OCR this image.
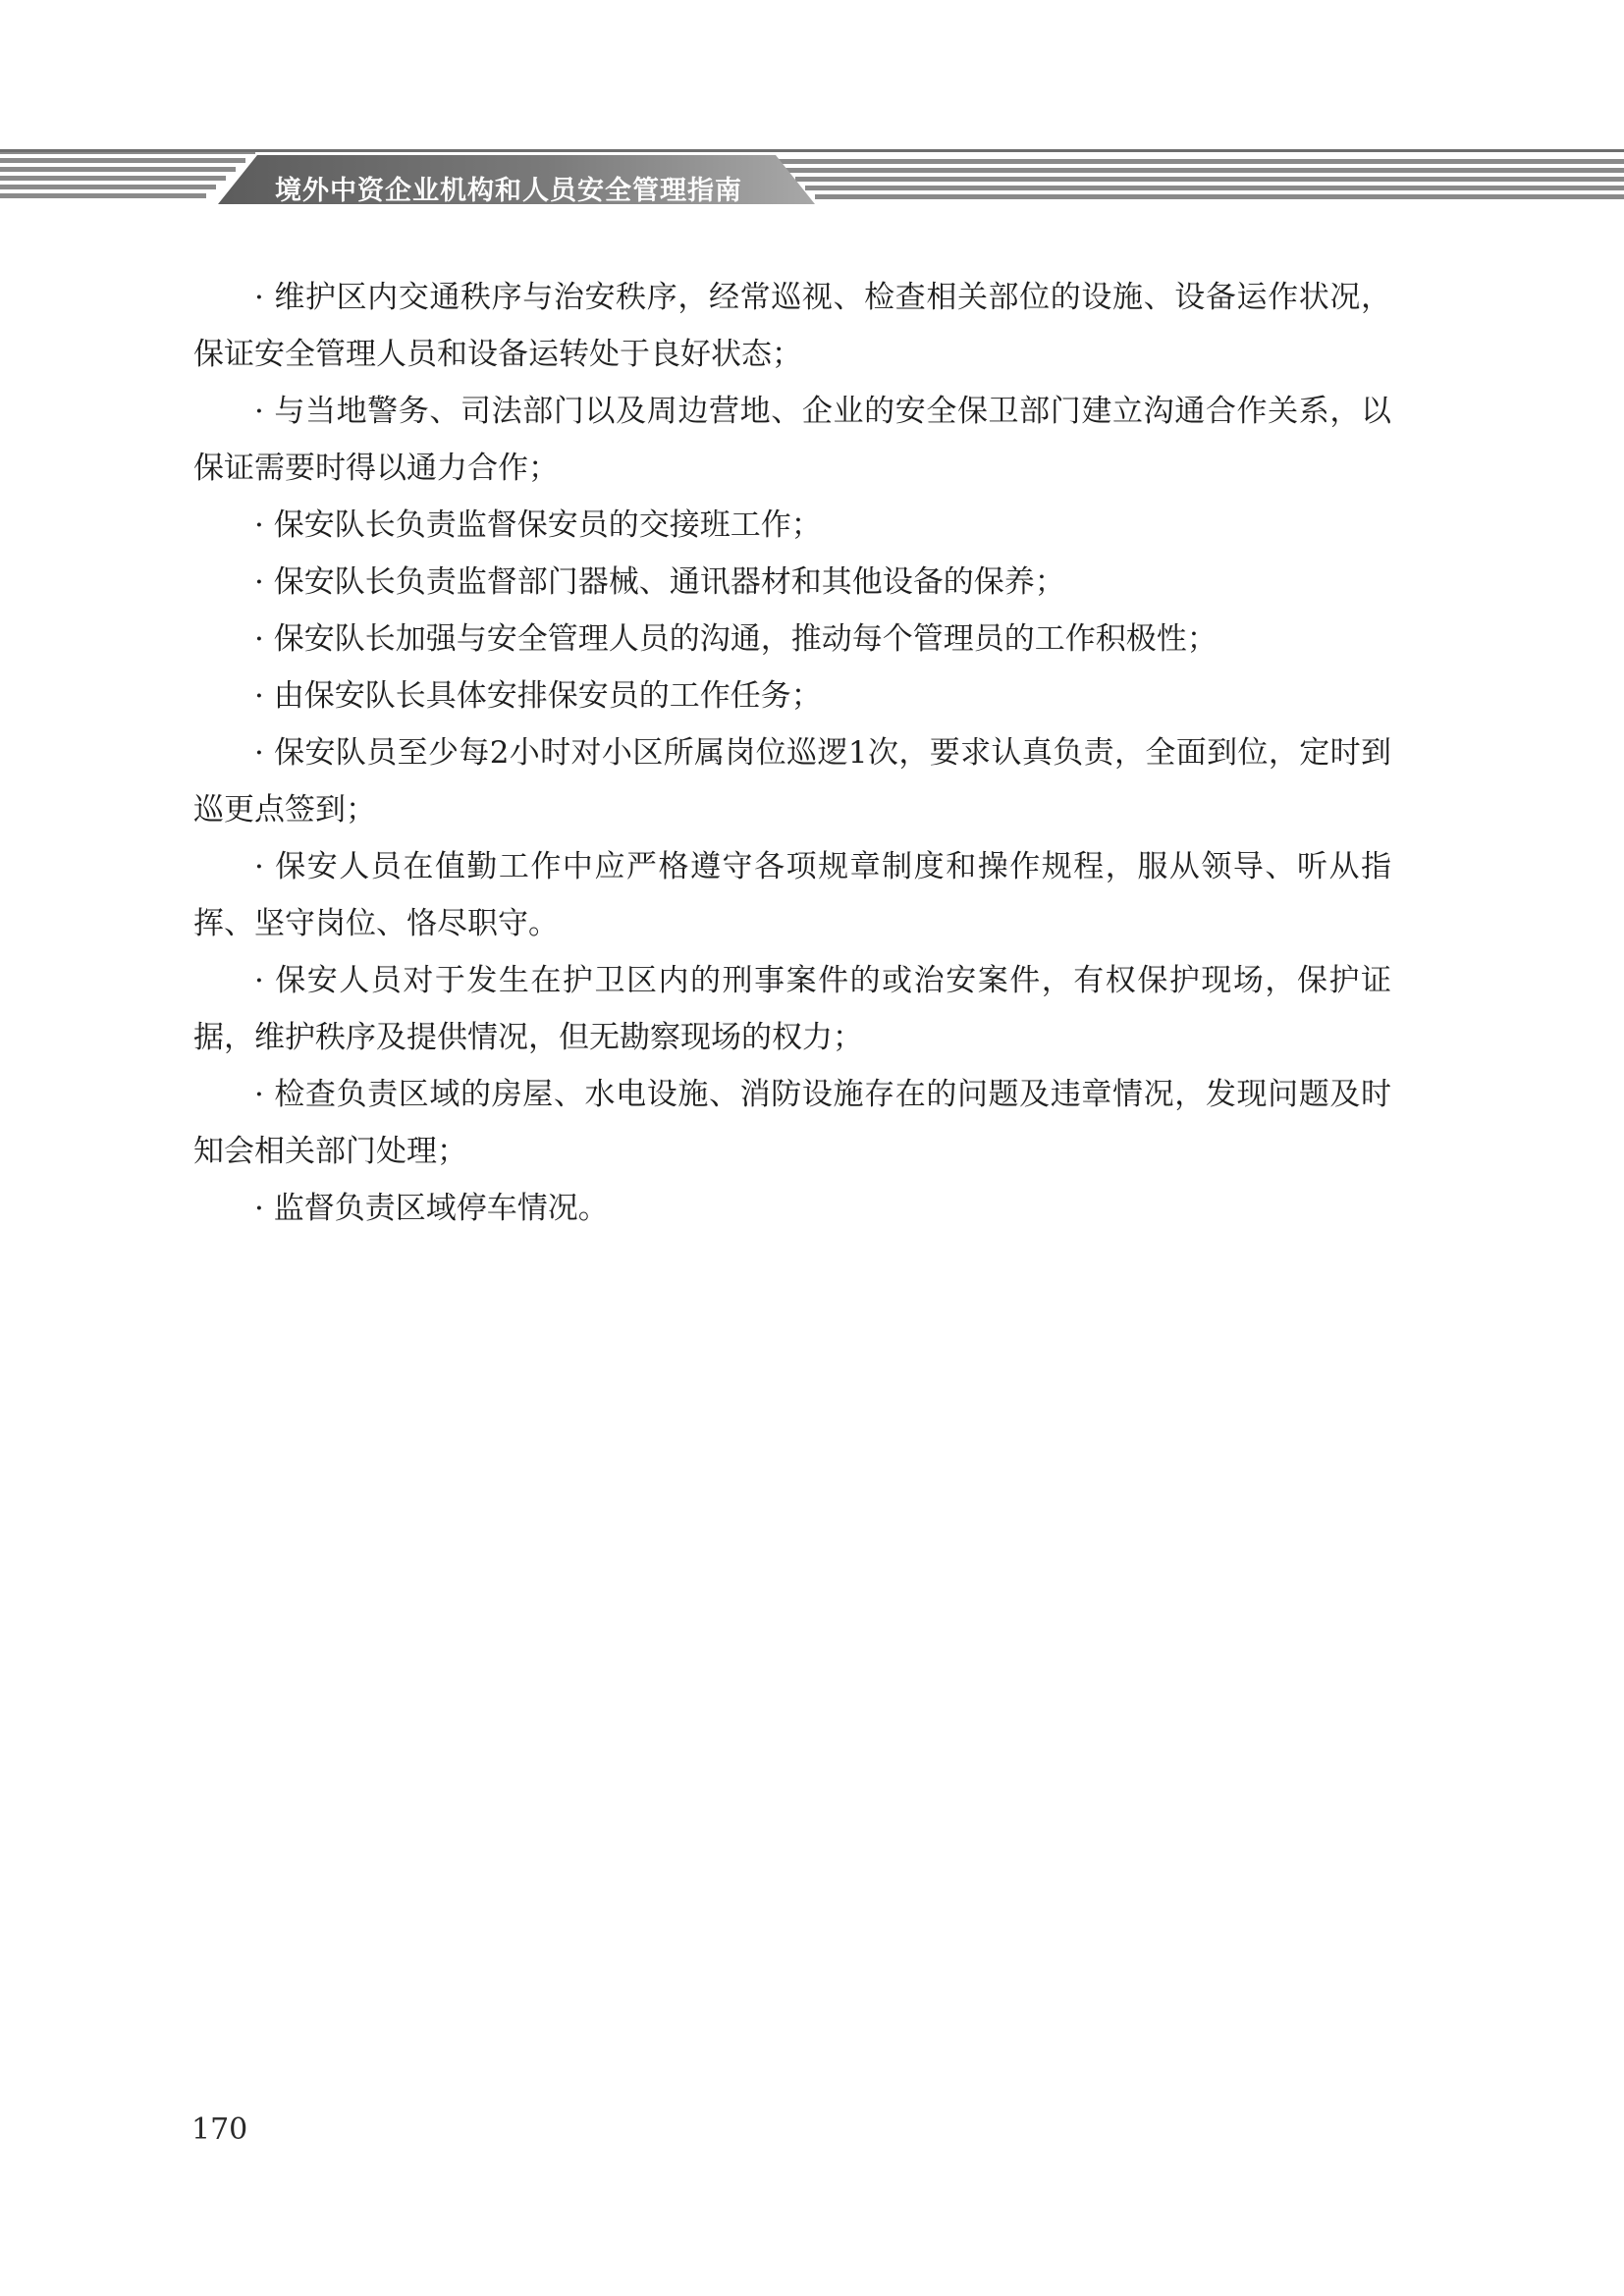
境外中资企业机构和人员安全管理指南

· 维护区内交通秩序与治安秩序，经常巡视、检查相关部位的设施、设备运作状况，保证安全管理人员和设备运转处于良好状态；

· 与当地警务、司法部门以及周边营地、企业的安全保卫部门建立沟通合作关系，以保证需要时得以通力合作；

· 保安队长负责监督保安员的交接班工作；

· 保安队长负责监督部门器械、通讯器材和其他设备的保养；

· 保安队长加强与安全管理人员的沟通，推动每个管理员的工作积极性；

· 由保安队长具体安排保安员的工作任务；

· 保安队员至少每2小时对小区所属岗位巡逻1次，要求认真负责，全面到位，定时到巡更点签到；

· 保安人员在值勤工作中应严格遵守各项规章制度和操作规程，服从领导、听从指挥、坚守岗位、恪尽职守。

· 保安人员对于发生在护卫区内的刑事案件的或治安案件，有权保护现场，保护证据，维护秩序及提供情况，但无勘察现场的权力；

· 检查负责区域的房屋、水电设施、消防设施存在的问题及违章情况，发现问题及时知会相关部门处理；

· 监督负责区域停车情况。

170
